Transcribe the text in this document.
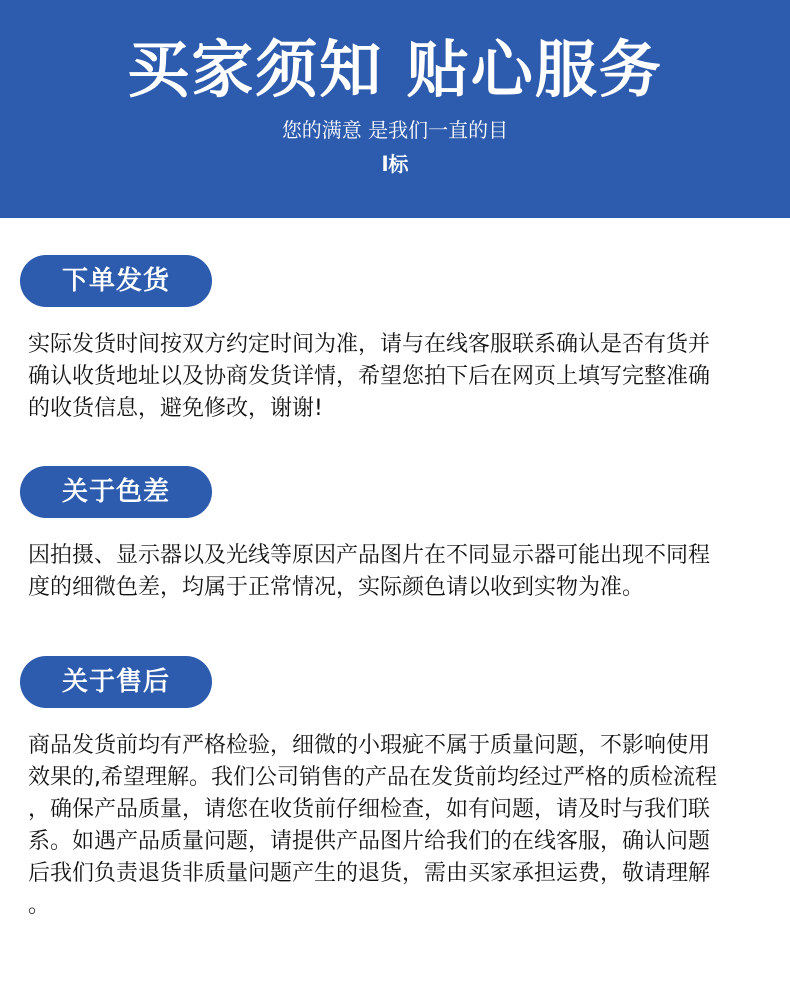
买家须知 贴心服务
您的满意 是我们一直的目
l标
下单发货

实际发货时间按双方约定时间为准，请与在线客服联系确认是否有货并
确认收货地址以及协商发货详情，希望您拍下后在网页上填写完整准确
的收货信息，避免修改，谢谢!

关于色差

因拍摄、显示器以及光线等原因产品图片在不同显示器可能出现不同程
度的细微色差，均属于正常情况，实际颜色请以收到实物为准。

关于售后

商品发货前均有严格检验，细微的小瑕疵不属于质量问题，不影响使用
效果的,希望理解。我们公司销售的产品在发货前均经过严格的质检流程
，确保产品质量，请您在收货前仔细检查，如有问题，请及时与我们联
系。如遇产品质量问题，请提供产品图片给我们的在线客服，确认问题
后我们负责退货非质量问题产生的退货，需由买家承担运费，敬请理解
。
